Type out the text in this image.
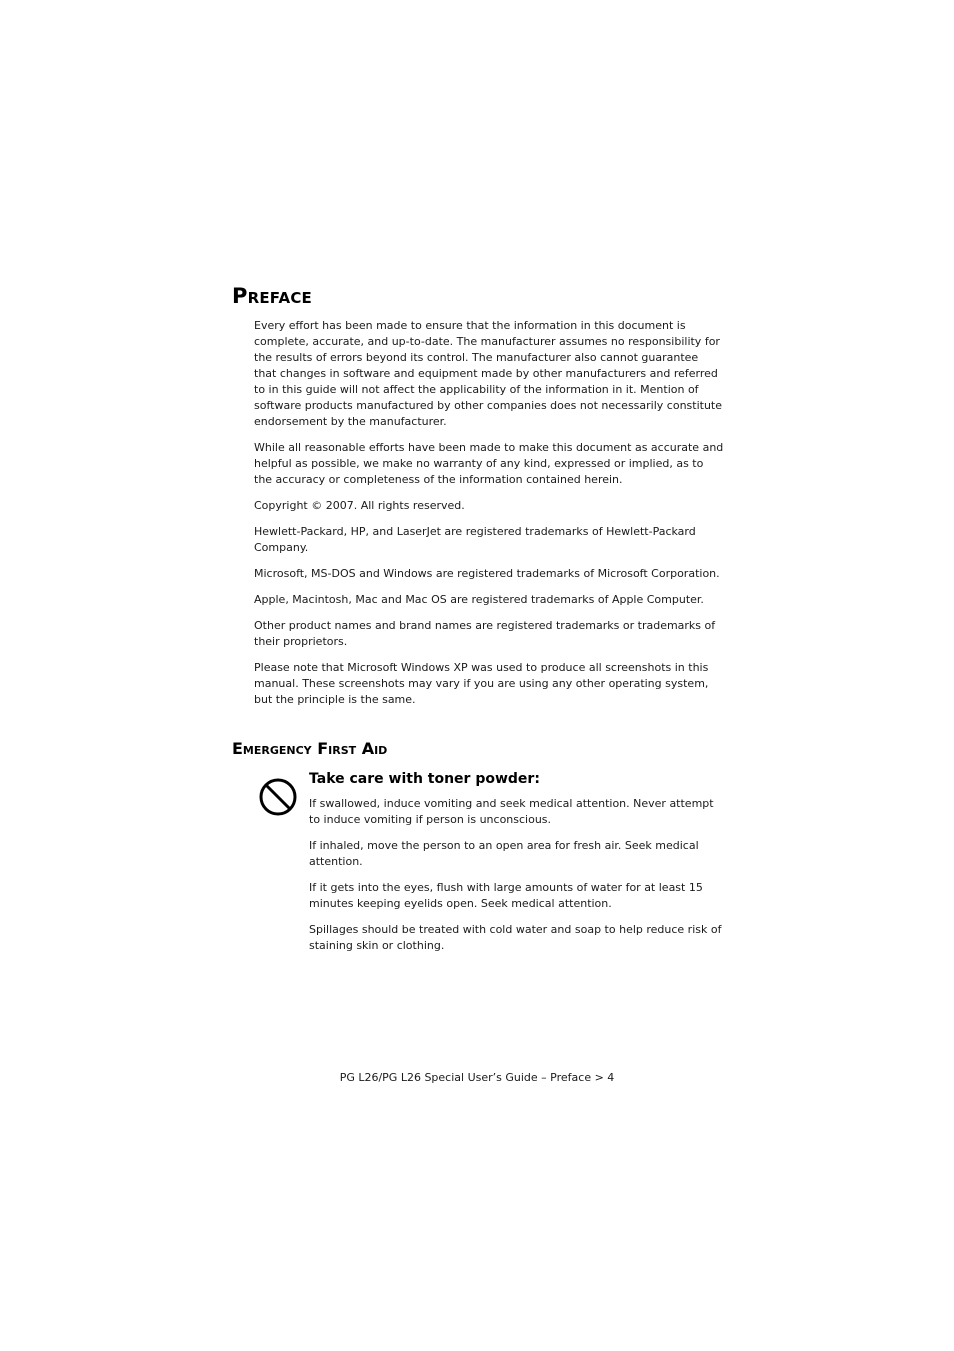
Preface

Every effort has been made to ensure that the information in this document is complete, accurate, and up-to-date. The manufacturer assumes no responsibility for the results of errors beyond its control. The manufacturer also cannot guarantee that changes in software and equipment made by other manufacturers and referred to in this guide will not affect the applicability of the information in it. Mention of software products manufactured by other companies does not necessarily constitute endorsement by the manufacturer.

While all reasonable efforts have been made to make this document as accurate and helpful as possible, we make no warranty of any kind, expressed or implied, as to the accuracy or completeness of the information contained herein.

Copyright © 2007. All rights reserved.

Hewlett-Packard, HP, and LaserJet are registered trademarks of Hewlett-Packard Company.

Microsoft, MS-DOS and Windows are registered trademarks of Microsoft Corporation.

Apple, Macintosh, Mac and Mac OS are registered trademarks of Apple Computer.

Other product names and brand names are registered trademarks or trademarks of their proprietors.

Please note that Microsoft Windows XP was used to produce all screenshots in this manual. These screenshots may vary if you are using any other operating system, but the principle is the same.

Emergency First Aid
Take care with toner powder:

If swallowed, induce vomiting and seek medical attention. Never attempt to induce vomiting if person is unconscious.

If inhaled, move the person to an open area for fresh air. Seek medical attention.

If it gets into the eyes, flush with large amounts of water for at least 15 minutes keeping eyelids open. Seek medical attention.

Spillages should be treated with cold water and soap to help reduce risk of staining skin or clothing.

PG L26/PG L26 Special User’s Guide – Preface > 4
